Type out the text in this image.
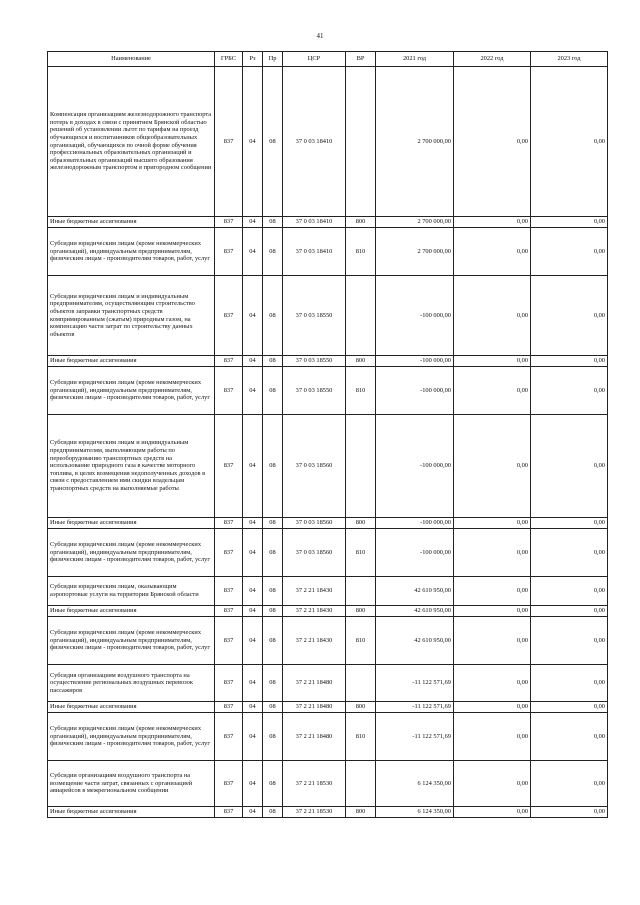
41
Наименование	ГРБС	Рз	Пр	ЦСР	ВР	2021 год	2022 год	2023 год
Компенсация организациям железнодорожного транспорта потерь в доходах в связи с принятием Брянской областью решений об установлении льгот по тарифам на проезд обучающихся и воспитанников общеобразовательных организаций, обучающихся по очной форме обучения профессиональных образовательных организаций и образовательных организаций высшего образования железнодорожным транспортом в пригородном сообщении	837	04	08	37 0 03 18410		2 700 000,00	0,00	0,00
Иные бюджетные ассигнования	837	04	08	37 0 03 18410	800	2 700 000,00	0,00	0,00
Субсидии юридическим лицам (кроме некоммерческих организаций), индивидуальным предпринимателям, физическим лицам - производителям товаров, работ, услуг	837	04	08	37 0 03 18410	810	2 700 000,00	0,00	0,00
Субсидии юридическим лицам и индивидуальным предпринимателям, осуществляющим строительство объектов заправки транспортных средств компримированным (сжатым) природным газом, на компенсацию части затрат по строительству данных объектов	837	04	08	37 0 03 18550		-100 000,00	0,00	0,00
Иные бюджетные ассигнования	837	04	08	37 0 03 18550	800	-100 000,00	0,00	0,00
Субсидии юридическим лицам (кроме некоммерческих организаций), индивидуальным предпринимателям, физическим лицам - производителям товаров, работ, услуг	837	04	08	37 0 03 18550	810	-100 000,00	0,00	0,00
Субсидии юридическим лицам и индивидуальным предпринимателям, выполняющим работы по переоборудованию транспортных средств на использование природного газа в качестве моторного топлива, в целях возмещения недополученных доходов в связи с предоставлением ими скидки владельцам транспортных средств на выполняемые работы	837	04	08	37 0 03 18560		-100 000,00	0,00	0,00
Иные бюджетные ассигнования	837	04	08	37 0 03 18560	800	-100 000,00	0,00	0,00
Субсидии юридическим лицам (кроме некоммерческих организаций), индивидуальным предпринимателям, физическим лицам - производителям товаров, работ, услуг	837	04	08	37 0 03 18560	810	-100 000,00	0,00	0,00
Субсидии юридическим лицам, оказывающим аэропортовые услуги на территории Брянской области	837	04	08	37 2 21 18430		42 610 950,00	0,00	0,00
Иные бюджетные ассигнования	837	04	08	37 2 21 18430	800	42 610 950,00	0,00	0,00
Субсидии юридическим лицам (кроме некоммерческих организаций), индивидуальным предпринимателям, физическим лицам - производителям товаров, работ, услуг	837	04	08	37 2 21 18430	810	42 610 950,00	0,00	0,00
Субсидия организациям воздушного транспорта на осуществление региональных воздушных перевозок пассажиров	837	04	08	37 2 21 18480		-11 122 571,69	0,00	0,00
Иные бюджетные ассигнования	837	04	08	37 2 21 18480	800	-11 122 571,69	0,00	0,00
Субсидии юридическим лицам (кроме некоммерческих организаций), индивидуальным предпринимателям, физическим лицам - производителям товаров, работ, услуг	837	04	08	37 2 21 18480	810	-11 122 571,69	0,00	0,00
Субсидии организациям воздушного транспорта на возмещение части затрат, связанных с организацией авиарейсов в межрегиональном сообщении	837	04	08	37 2 21 18530		6 124 350,00	0,00	0,00
Иные бюджетные ассигнования	837	04	08	37 2 21 18530	800	6 124 350,00	0,00	0,00
